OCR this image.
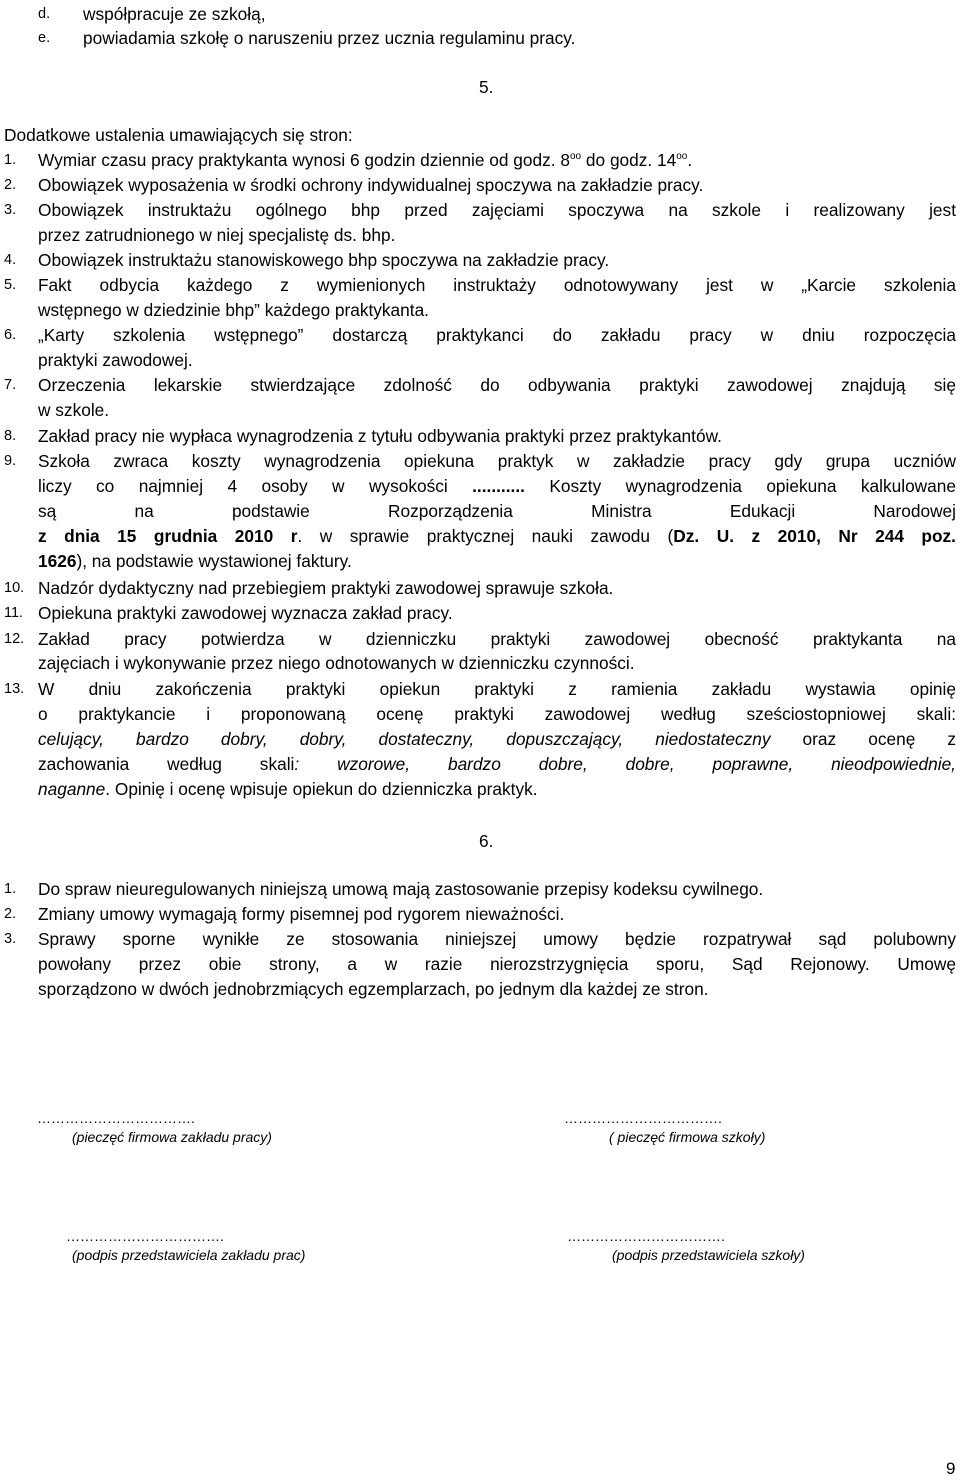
d. współpracuje ze szkołą,
e. powiadamia szkołę o naruszeniu przez ucznia regulaminu pracy.
5.
Dodatkowe ustalenia umawiających się stron:
1. Wymiar czasu pracy praktykanta wynosi 6 godzin dziennie od godz. $8^{oo}$ do godz. $14^{oo}$.
2. Obowiązek wyposażenia w środki ochrony indywidualnej spoczywa na zakładzie pracy.
3. Obowiązek instruktażu ogólnego bhp przed zajęciami spoczywa na szkole i realizowany jest
przez zatrudnionego w niej specjalistę ds. bhp.
4. Obowiązek instruktażu stanowiskowego bhp spoczywa na zakładzie pracy.
5. Fakt odbycia każdego z wymienionych instruktaży odnotowywany jest w „Karcie szkolenia
wstępnego w dziedzinie bhp” każdego praktykanta.
6. „Karty szkolenia wstępnego” dostarczą praktykanci do zakładu pracy w dniu rozpoczęcia
praktyki zawodowej.
7. Orzeczenia lekarskie stwierdzające zdolność do odbywania praktyki zawodowej znajdują się
w szkole.
8. Zakład pracy nie wypłaca wynagrodzenia z tytułu odbywania praktyki przez praktykantów.
9. Szkoła zwraca koszty wynagrodzenia opiekuna praktyk w zakładzie pracy gdy grupa uczniów
liczy co najmniej 4 osoby w wysokości ........... Koszty wynagrodzenia opiekuna kalkulowane
są na podstawie Rozporządzenia Ministra Edukacji Narodowej
z dnia 15 grudnia 2010 r. w sprawie praktycznej nauki zawodu (Dz. U. z 2010, Nr 244 poz.
1626), na podstawie wystawionej faktury.
10. Nadzór dydaktyczny nad przebiegiem praktyki zawodowej sprawuje szkoła.
11. Opiekuna praktyki zawodowej wyznacza zakład pracy.
12. Zakład pracy potwierdza w dzienniczku praktyki zawodowej obecność praktykanta na
zajęciach i wykonywanie przez niego odnotowanych w dzienniczku czynności.
13. W dniu zakończenia praktyki opiekun praktyki z ramienia zakładu wystawia opinię
o praktykancie i proponowaną ocenę praktyki zawodowej według sześciostopniowej skali:
celujący, bardzo dobry, dobry, dostateczny, dopuszczający, niedostateczny oraz ocenę z
zachowania według skali: wzorowe, bardzo dobre, dobre, poprawne, nieodpowiednie,
naganne. Opinię i ocenę wpisuje opiekun do dzienniczka praktyk.
6.
1. Do spraw nieuregulowanych niniejszą umową mają zastosowanie przepisy kodeksu cywilnego.
2. Zmiany umowy wymagają formy pisemnej pod rygorem nieważności.
3. Sprawy sporne wynikłe ze stosowania niniejszej umowy będzie rozpatrywał sąd polubowny
powołany przez obie strony, a w razie nierozstrzygnięcia sporu, Sąd Rejonowy. Umowę
sporządzono w dwóch jednobrzmiących egzemplarzach, po jednym dla każdej ze stron.
…………………………….
(pieczęć firmowa zakładu pracy)
…………………………….
( pieczęć firmowa szkoły)
…………………………….
(podpis przedstawiciela zakładu prac)
…………………………….
(podpis przedstawiciela szkoły)
9
